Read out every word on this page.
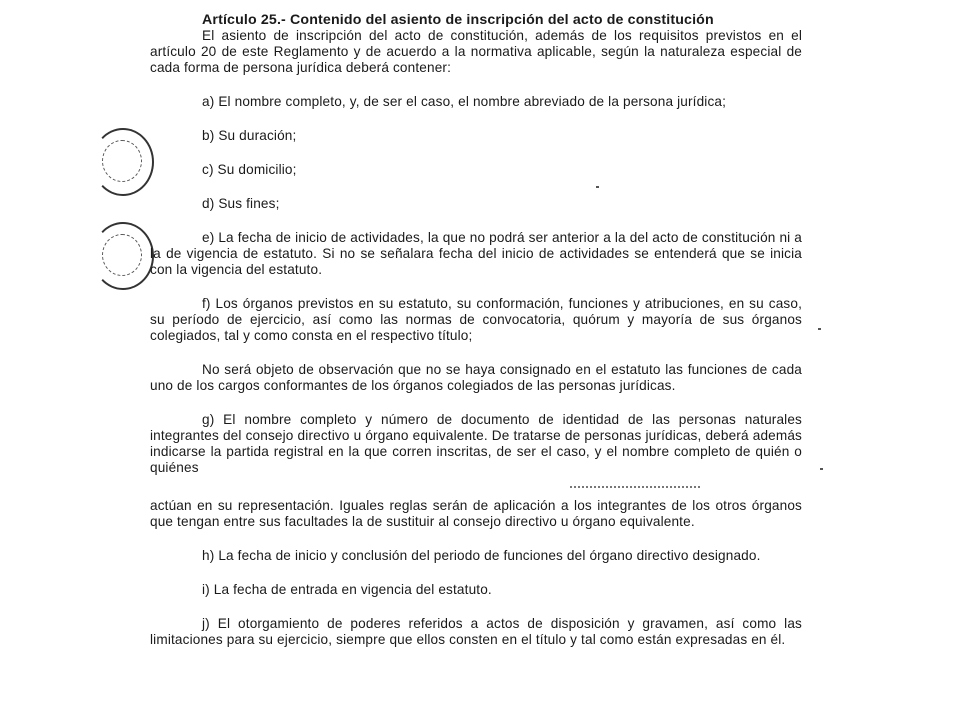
Artículo 25.- Contenido del asiento de inscripción del acto de constitución

El asiento de inscripción del acto de constitución, además de los requisitos previstos en el artículo 20 de este Reglamento y de acuerdo a la normativa aplicable, según la naturaleza especial de cada forma de persona jurídica deberá contener:

a) El nombre completo, y, de ser el caso, el nombre abreviado de la persona jurídica;

b) Su duración;

c) Su domicilio;

d) Sus fines;

e) La fecha de inicio de actividades, la que no podrá ser anterior a la del acto de constitución ni a la de vigencia de estatuto. Si no se señalara fecha del inicio de actividades se entenderá que se inicia con la vigencia del estatuto.

f) Los órganos previstos en su estatuto, su conformación, funciones y atribuciones, en su caso, su período de ejercicio, así como las normas de convocatoria, quórum y mayoría de sus órganos colegiados, tal y como consta en el respectivo título;

No será objeto de observación que no se haya consignado en el estatuto las funciones de cada uno de los cargos conformantes de los órganos colegiados de las personas jurídicas.

g) El nombre completo y número de documento de identidad de las personas naturales integrantes del consejo directivo u órgano equivalente. De tratarse de personas jurídicas, deberá además indicarse la partida registral en la que corren inscritas, de ser el caso, y el nombre completo de quién o quiénes

actúan en su representación. Iguales reglas serán de aplicación a los integrantes de los otros órganos que tengan entre sus facultades la de sustituir al consejo directivo u órgano equivalente.

h) La fecha de inicio y conclusión del periodo de funciones del órgano directivo designado.

i) La fecha de entrada en vigencia del estatuto.

j) El otorgamiento de poderes referidos a actos de disposición y gravamen, así como las limitaciones para su ejercicio, siempre que ellos consten en el título y tal como están expresadas en él.
